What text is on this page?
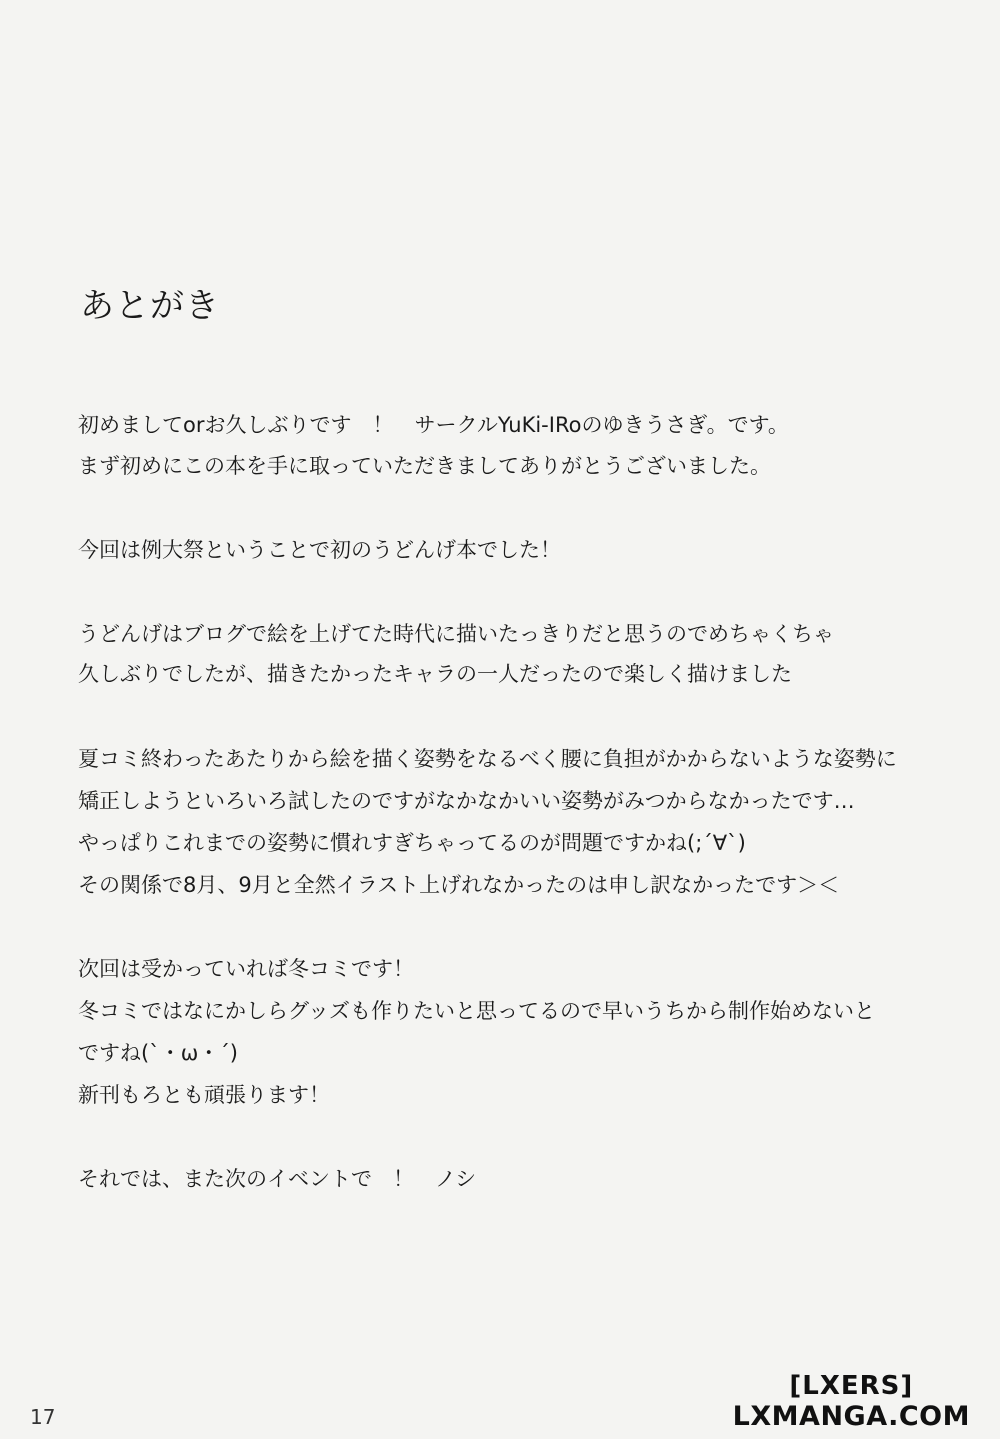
あとがき
初めましてorお久しぶりです　！　サークルYuKi-IRoのゆきうさぎ。です。
まず初めにこの本を手に取っていただきましてありがとうございました。
今回は例大祭ということで初のうどんげ本でした！
うどんげはブログで絵を上げてた時代に描いたっきりだと思うのでめちゃくちゃ
久しぶりでしたが、描きたかったキャラの一人だったので楽しく描けました
夏コミ終わったあたりから絵を描く姿勢をなるべく腰に負担がかからないような姿勢に
矯正しようといろいろ試したのですがなかなかいい姿勢がみつからなかったです…
やっぱりこれまでの姿勢に慣れすぎちゃってるのが問題ですかね(;´∀`)
その関係で8月、9月と全然イラスト上げれなかったのは申し訳なかったです＞＜
次回は受かっていれば冬コミです！
冬コミではなにかしらグッズも作りたいと思ってるので早いうちから制作始めないと
ですね(`・ω・´)
新刊もろとも頑張ります！
それでは、また次のイベントで　！　ノシ
17
[LXERS]
LXMANGA.COM
